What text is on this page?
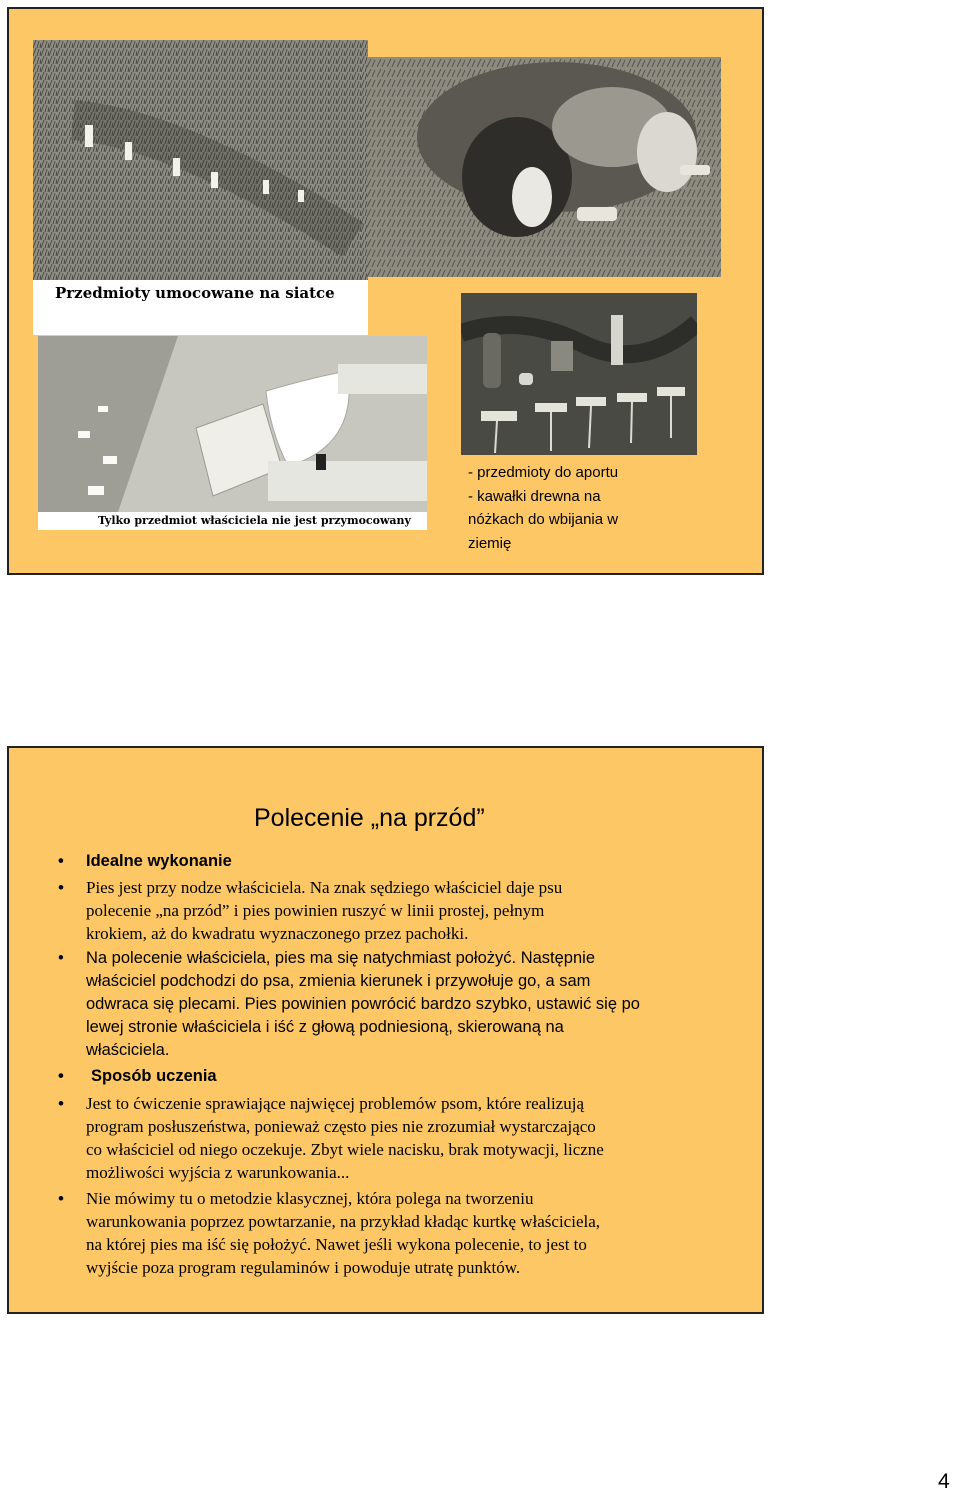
Przedmioty umocowane na siatce
Tylko przedmiot właściciela nie jest przymocowany
- przedmioty do aportu
- kawałki drewna na
nóżkach do wbijania w
ziemię
Polecenie „na przód”
• Idealne wykonanie
• Pies jest przy nodze właściciela. Na znak sędziego właściciel daje psu
polecenie „na przód” i pies powinien ruszyć w linii prostej, pełnym
krokiem, aż do kwadratu wyznaczonego przez pachołki.
• Na polecenie właściciela, pies ma się natychmiast położyć. Następnie
właściciel podchodzi do psa, zmienia kierunek i przywołuje go, a sam
odwraca się plecami. Pies powinien powrócić bardzo szybko, ustawić się po
lewej stronie właściciela i iść z głową podniesioną, skierowaną na
właściciela.
• Sposób uczenia
• Jest to ćwiczenie sprawiające najwięcej problemów psom, które realizują
program posłuszeństwa, ponieważ często pies nie zrozumiał wystarczająco
co właściciel od niego oczekuje. Zbyt wiele nacisku, brak motywacji, liczne
możliwości wyjścia z warunkowania...
• Nie mówimy tu o metodzie klasycznej, która polega na tworzeniu
warunkowania poprzez powtarzanie, na przykład kładąc kurtkę właściciela,
na której pies ma iść się położyć. Nawet jeśli wykona polecenie, to jest to
wyjście poza program regulaminów i powoduje utratę punktów.
4
